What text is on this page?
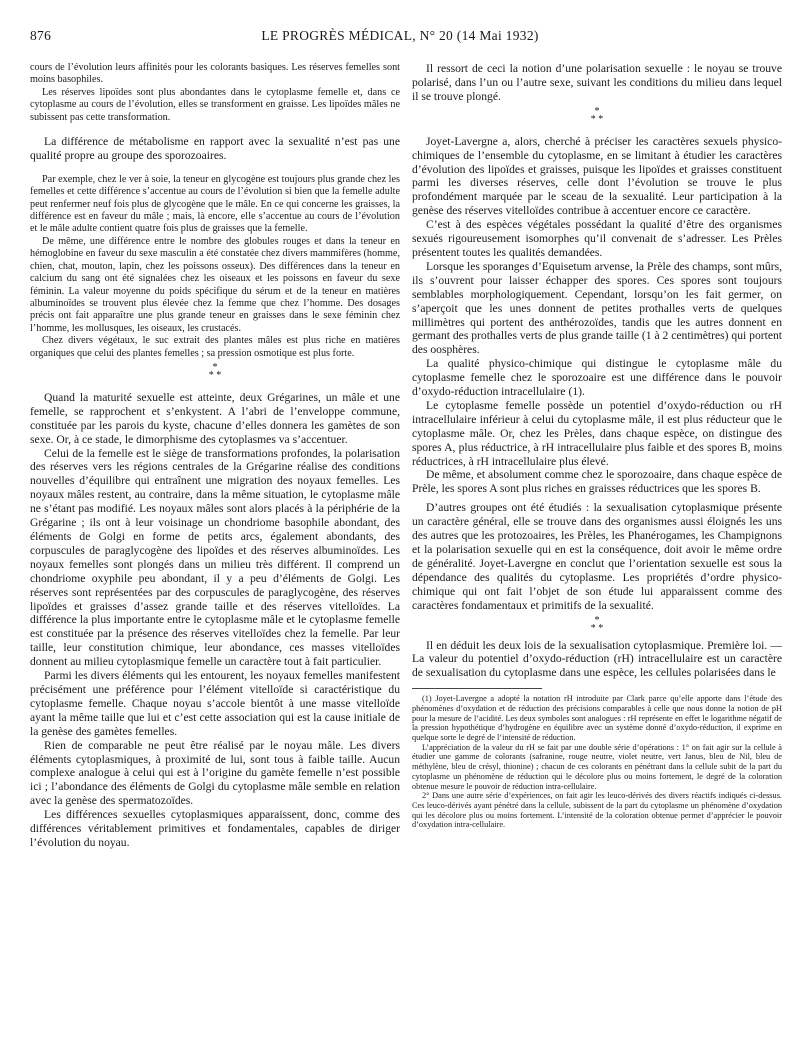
876	LE PROGRÈS MÉDICAL, N° 20 (14 Mai 1932)

cours de l’évolution leurs affinités pour les colorants basiques. Les réserves femelles sont moins basophiles.

Les réserves lipoïdes sont plus abondantes dans le cytoplasme femelle et, dans ce cytoplasme au cours de l’évolution, elles se transforment en graisse. Les lipoïdes mâles ne subissent pas cette transformation.

La différence de métabolisme en rapport avec la sexualité n’est pas une qualité propre au groupe des sporozoaires.

Par exemple, chez le ver à soie, la teneur en glycogène est toujours plus grande chez les femelles et cette différence s’accentue au cours de l’évolution si bien que la femelle adulte peut renfermer neuf fois plus de glycogène que le mâle. En ce qui concerne les graisses, la différence est en faveur du mâle ; mais, là encore, elle s’accentue au cours de l’évolution et le mâle adulte contient quatre fois plus de graisses que la femelle.

De même, une différence entre le nombre des globules rouges et dans la teneur en hémoglobine en faveur du sexe masculin a été constatée chez divers mammifères (homme, chien, chat, mouton, lapin, chez les poissons osseux). Des différences dans la teneur en calcium du sang ont été signalées chez les oiseaux et les poissons en faveur du sexe féminin. La valeur moyenne du poids spécifique du sérum et de la teneur en matières albuminoïdes se trouvent plus élevée chez la femme que chez l’homme. Des dosages précis ont fait apparaître une plus grande teneur en graisses dans le sexe féminin chez l’homme, les mollusques, les oiseaux, les crustacés.

Chez divers végétaux, le suc extrait des plantes mâles est plus riche en matières organiques que celui des plantes femelles ; sa pression osmotique est plus forte.

*
* *

Quand la maturité sexuelle est atteinte, deux Grégarines, un mâle et une femelle, se rapprochent et s’enkystent. A l’abri de l’enveloppe commune, constituée par les parois du kyste, chacune d’elles donnera les gamètes de son sexe. Or, à ce stade, le dimorphisme des cytoplasmes va s’accentuer.

Celui de la femelle est le siège de transformations profondes, la polarisation des réserves vers les régions centrales de la Grégarine réalise des conditions nouvelles d’équilibre qui entraînent une migration des noyaux femelles. Les noyaux mâles restent, au contraire, dans la même situation, le cytoplasme mâle ne s’étant pas modifié. Les noyaux mâles sont alors placés à la périphérie de la Grégarine ; ils ont à leur voisinage un chondriome basophile abondant, des éléments de Golgi en forme de petits arcs, également abondants, des corpuscules de paraglycogène des lipoïdes et des réserves albuminoïdes. Les noyaux femelles sont plongés dans un milieu très différent. Il comprend un chondriome oxyphile peu abondant, il y a peu d’éléments de Golgi. Les réserves sont représentées par des corpuscules de paraglycogène, des réserves lipoïdes et graisses d’assez grande taille et des réserves vitelloïdes. La différence la plus importante entre le cytoplasme mâle et le cytoplasme femelle est constituée par la présence des réserves vitelloïdes chez la femelle. Par leur taille, leur constitution chimique, leur abondance, ces masses vitelloïdes donnent au milieu cytoplasmique femelle un caractère tout à fait particulier.

Parmi les divers éléments qui les entourent, les noyaux femelles manifestent précisément une préférence pour l’élément vitelloïde si caractéristique du cytoplasme femelle. Chaque noyau s’accole bientôt à une masse vitelloïde ayant la même taille que lui et c’est cette association qui est la cause initiale de la genèse des gamètes femelles.

Rien de comparable ne peut être réalisé par le noyau mâle. Les divers éléments cytoplasmiques, à proximité de lui, sont tous à faible taille. Aucun complexe analogue à celui qui est à l’origine du gamète femelle n’est possible ici ; l’abondance des éléments de Golgi du cytoplasme mâle semble en relation avec la genèse des spermatozoïdes.

Les différences sexuelles cytoplasmiques apparaissent, donc, comme des différences véritablement primitives et fondamentales, capables de diriger l’évolution du noyau.

Il ressort de ceci la notion d’une polarisation sexuelle : le noyau se trouve polarisé, dans l’un ou l’autre sexe, suivant les conditions du milieu dans lequel il se trouve plongé.

*
* *

Joyet-Lavergne a, alors, cherché à préciser les caractères sexuels physico-chimiques de l’ensemble du cytoplasme, en se limitant à étudier les caractères d’évolution des lipoïdes et graisses, puisque les lipoïdes et graisses constituent parmi les diverses réserves, celle dont l’évolution se trouve le plus profondément marquée par le sceau de la sexualité. Leur participation à la genèse des réserves vitelloïdes contribue à accentuer encore ce caractère.

C’est à des espèces végétales possédant la qualité d’être des organismes sexués rigoureusement isomorphes qu’il convenait de s’adresser. Les Prèles présentent toutes les qualités demandées.

Lorsque les sporanges d’Equisetum arvense, la Prèle des champs, sont mûrs, ils s’ouvrent pour laisser échapper des spores. Ces spores sont toujours semblables morphologiquement. Cependant, lorsqu’on les fait germer, on s’aperçoit que les unes donnent de petites prothalles verts de quelques millimètres qui portent des anthérozoïdes, tandis que les autres donnent en germant des prothalles verts de plus grande taille (1 à 2 centimètres) qui portent des oosphères.

La qualité physico-chimique qui distingue le cytoplasme mâle du cytoplasme femelle chez le sporozoaire est une différence dans le pouvoir d’oxydo-réduction intracellulaire (1).

Le cytoplasme femelle possède un potentiel d’oxydo-réduction ou rH intracellulaire inférieur à celui du cytoplasme mâle, il est plus réducteur que le cytoplasme mâle. Or, chez les Prèles, dans chaque espèce, on distingue des spores A, plus réductrice, à rH intracellulaire plus faible et des spores B, moins réductrices, à rH intracellulaire plus élevé.

De même, et absolument comme chez le sporozoaire, dans chaque espèce de Prèle, les spores A sont plus riches en graisses réductrices que les spores B.

D’autres groupes ont été étudiés : la sexualisation cytoplasmique présente un caractère général, elle se trouve dans des organismes aussi éloignés les uns des autres que les protozoaires, les Prèles, les Phanérogames, les Champignons et la polarisation sexuelle qui en est la conséquence, doit avoir le même ordre de généralité. Joyet-Lavergne en conclut que l’orientation sexuelle est sous la dépendance des qualités du cytoplasme. Les propriétés d’ordre physico-chimique qui ont fait l’objet de son étude lui apparaissent comme des caractères fondamentaux et primitifs de la sexualité.

*
* *

Il en déduit les deux lois de la sexualisation cytoplasmique. Première loi. — La valeur du potentiel d’oxydo-réduction (rH) intracellulaire est un caractère de sexualisation du cytoplasme dans une espèce, les cellules polarisées dans le

(1) Joyet-Lavergne a adopté la notation rH introduite par Clark parce qu’elle apporte dans l’étude des phénomènes d’oxydation et de réduction des précisions comparables à celle que nous donne la notion de pH pour la mesure de l’acidité. Les deux symboles sont analogues : rH représente en effet le logarithme négatif de la pression hypothétique d’hydrogène en équilibre avec un système donné d’oxydo-réduction, il exprime en quelque sorte le degré de l’intensité de réduction.

L’appréciation de la valeur du rH se fait par une double série d’opérations : 1° on fait agir sur la cellule à étudier une gamme de colorants (safranine, rouge neutre, violet neutre, vert Janus, bleu de Nil, bleu de méthylène, bleu de crésyl, thionine) ; chacun de ces colorants en pénétrant dans la cellule subit de la part du cytoplasme un phénomène de réduction qui le décolore plus ou moins fortement, le degré de la coloration obtenue mesure le pouvoir de réduction intra-cellulaire.

2° Dans une autre série d’expériences, on fait agir les leuco-dérivés des divers réactifs indiqués ci-dessus. Ces leuco-dérivés ayant pénétré dans la cellule, subissent de la part du cytoplasme un phénomène d’oxydation qui les décolore plus ou moins fortement. L’intensité de la coloration obtenue permet d’apprécier le pouvoir d’oxydation intra-cellulaire.
